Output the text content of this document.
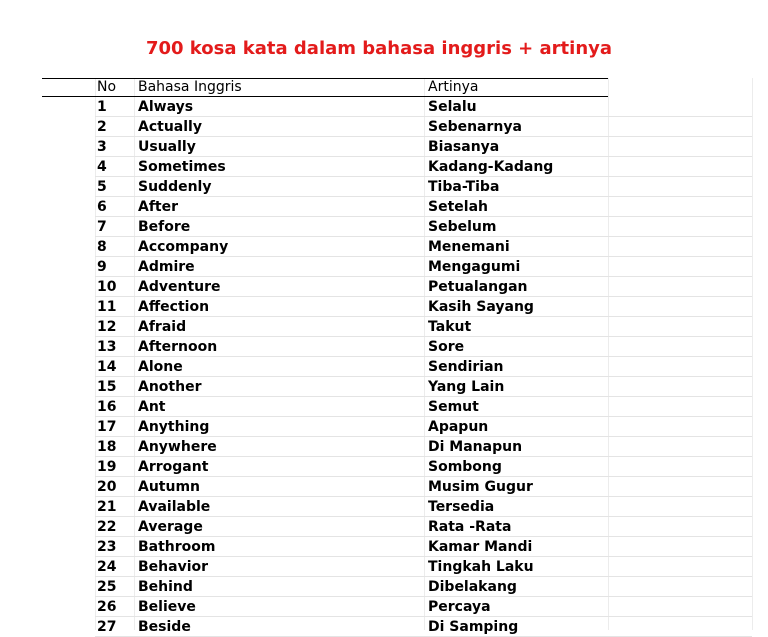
700 kosa kata dalam bahasa inggris + artinya
No Bahasa Inggris	Artinya
1 Always	Selalu
2 Actually	Sebenarnya
3 Usually	Biasanya
4 Sometimes	Kadang-Kadang
5 Suddenly	Tiba-Tiba
6 After	Setelah
7 Before	Sebelum
8 Accompany	Menemani
9 Admire	Mengagumi
10 Adventure	Petualangan
11 Affection	Kasih Sayang
12 Afraid	Takut
13 Afternoon	Sore
14 Alone	Sendirian
15 Another	Yang Lain
16 Ant	Semut
17 Anything	Apapun
18 Anywhere	Di Manapun
19 Arrogant	Sombong
20 Autumn	Musim Gugur
21 Available	Tersedia
22 Average	Rata -Rata
23 Bathroom	Kamar Mandi
24 Behavior	Tingkah Laku
25 Behind	Dibelakang
26 Believe	Percaya
27 Beside	Di Samping
